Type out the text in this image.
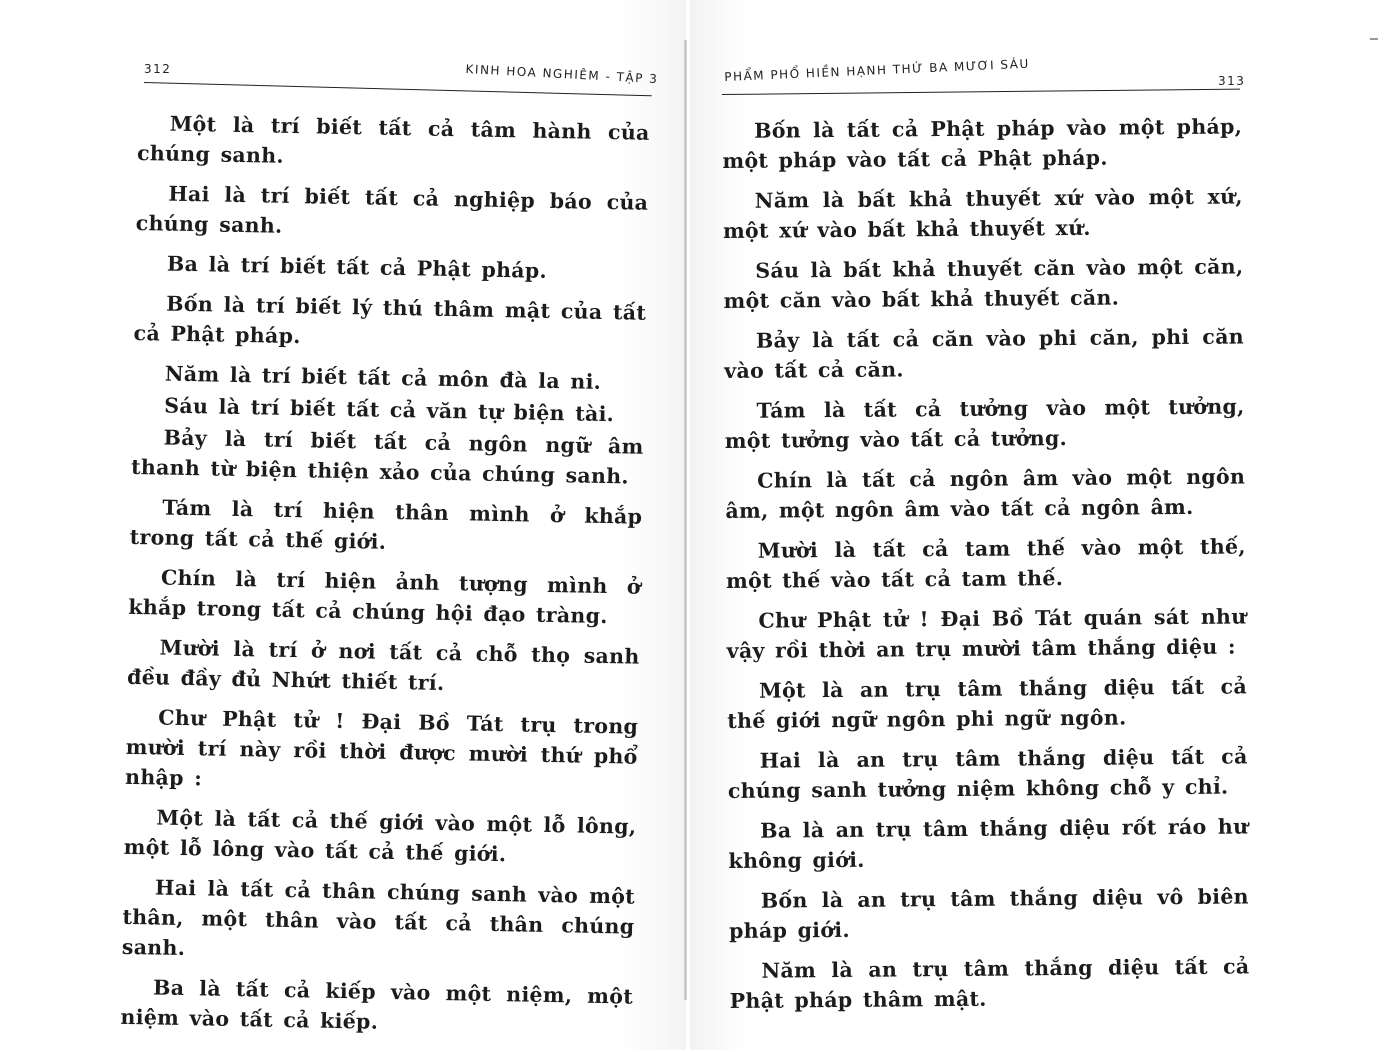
312	KINH HOA NGHIÊM - TẬP 3

Một là trí biết tất cả tâm hành của chúng sanh.

Hai là trí biết tất cả nghiệp báo của chúng sanh.

Ba là trí biết tất cả Phật pháp.

Bốn là trí biết lý thú thâm mật của tất cả Phật pháp.

Năm là trí biết tất cả môn đà la ni.

Sáu là trí biết tất cả văn tự biện tài.

Bảy là trí biết tất cả ngôn ngữ âm thanh từ biện thiện xảo của chúng sanh.

Tám là trí hiện thân mình ở khắp trong tất cả thế giới.

Chín là trí hiện ảnh tượng mình ở khắp trong tất cả chúng hội đạo tràng.

Mười là trí ở nơi tất cả chỗ thọ sanh đều đầy đủ Nhứt thiết trí.

Chư Phật tử ! Đại Bồ Tát trụ trong mười trí này rồi thời được mười thứ phổ nhập :

Một là tất cả thế giới vào một lỗ lông, một lỗ lông vào tất cả thế giới.

Hai là tất cả thân chúng sanh vào một thân, một thân vào tất cả thân chúng sanh.

Ba là tất cả kiếp vào một niệm, một niệm vào tất cả kiếp.

PHẨM PHỔ HIỀN HẠNH THỨ BA MƯƠI SÁU	313

Bốn là tất cả Phật pháp vào một pháp, một pháp vào tất cả Phật pháp.

Năm là bất khả thuyết xứ vào một xứ, một xứ vào bất khả thuyết xứ.

Sáu là bất khả thuyết căn vào một căn, một căn vào bất khả thuyết căn.

Bảy là tất cả căn vào phi căn, phi căn vào tất cả căn.

Tám là tất cả tưởng vào một tưởng, một tưởng vào tất cả tưởng.

Chín là tất cả ngôn âm vào một ngôn âm, một ngôn âm vào tất cả ngôn âm.

Mười là tất cả tam thế vào một thế, một thế vào tất cả tam thế.

Chư Phật tử ! Đại Bồ Tát quán sát như vậy rồi thời an trụ mười tâm thắng diệu :

Một là an trụ tâm thắng diệu tất cả thế giới ngữ ngôn phi ngữ ngôn.

Hai là an trụ tâm thắng diệu tất cả chúng sanh tưởng niệm không chỗ y chỉ.

Ba là an trụ tâm thắng diệu rốt ráo hư không giới.

Bốn là an trụ tâm thắng diệu vô biên pháp giới.

Năm là an trụ tâm thắng diệu tất cả Phật pháp thâm mật.
